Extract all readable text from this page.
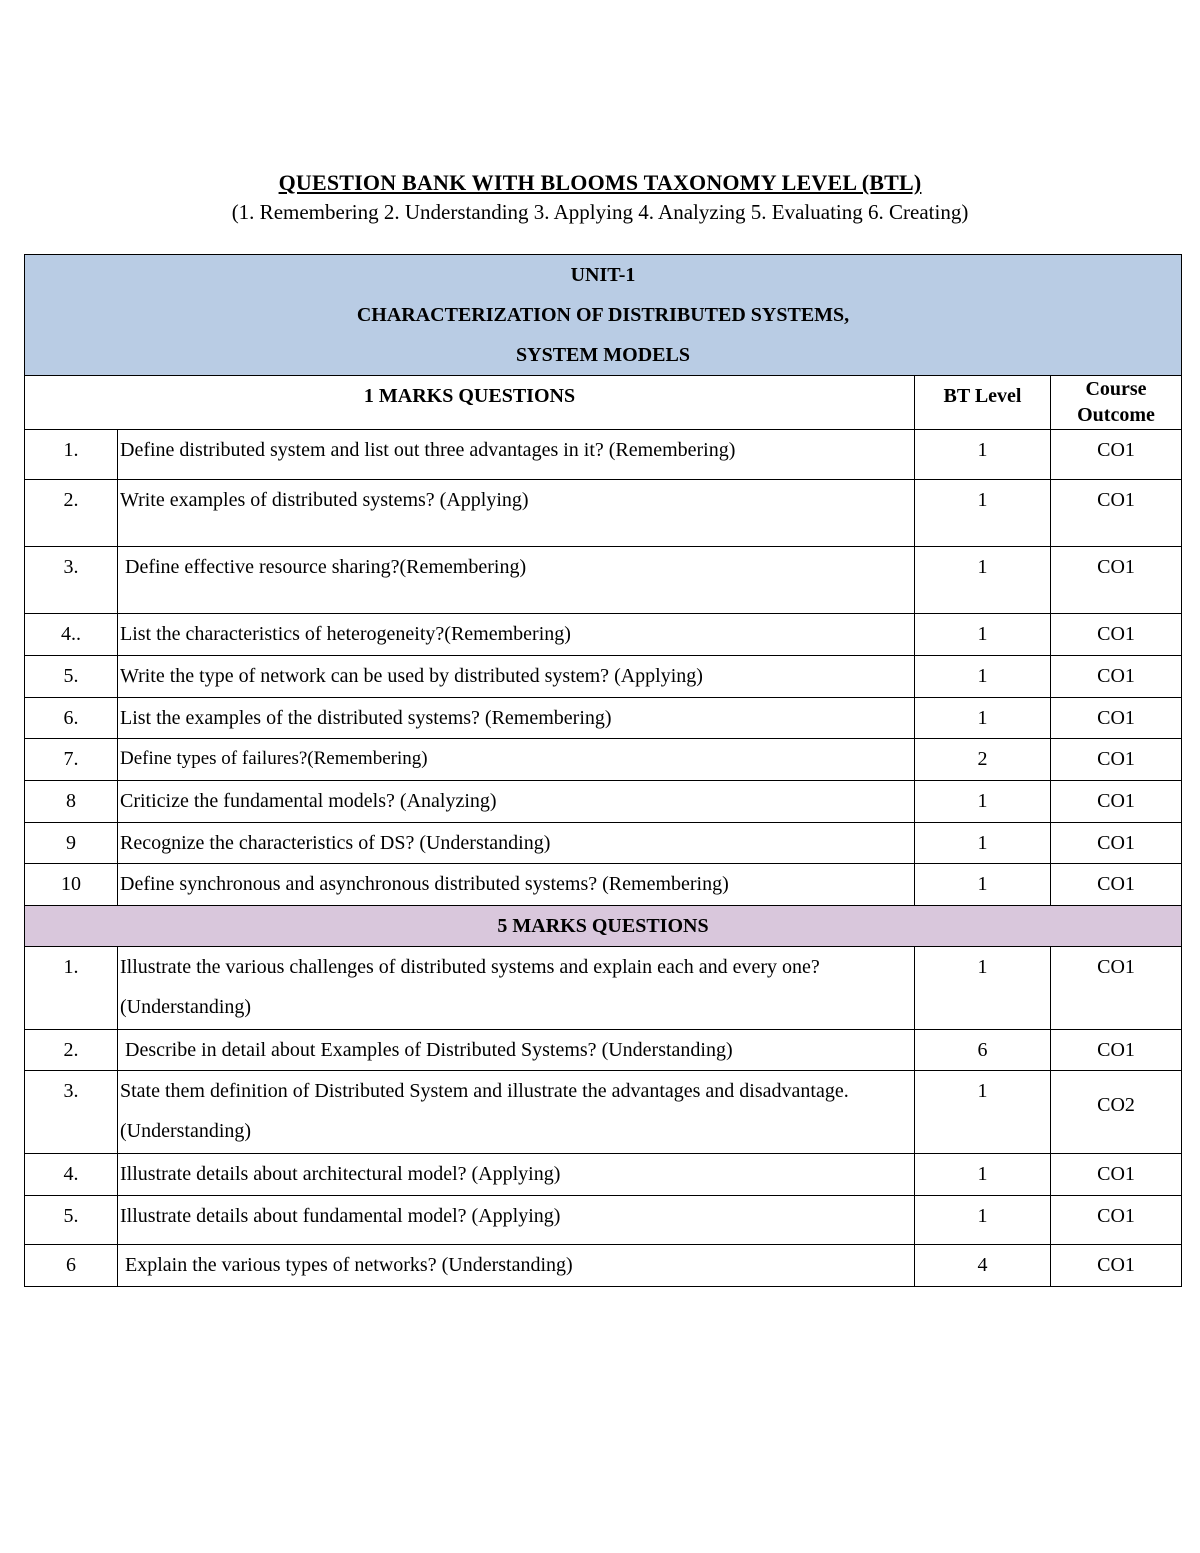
QUESTION BANK WITH BLOOMS TAXONOMY LEVEL (BTL)
(1. Remembering 2. Understanding 3. Applying 4. Analyzing 5. Evaluating 6. Creating)
UNIT-1
CHARACTERIZATION OF DISTRIBUTED SYSTEMS,
SYSTEM MODELS			

1 MARKS QUESTIONS		BT Level	Course
Outcome

1.	Define distributed system and list out three advantages in it? (Remembering)	1	CO1
2.	Write examples of distributed systems? (Applying)	1	CO1
3.	Define effective resource sharing?(Remembering)	1	CO1
4..	List the characteristics of heterogeneity?(Remembering)	1	CO1
5.	Write the type of network can be used by distributed system? (Applying)	1	CO1
6.	List the examples of the distributed systems? (Remembering)	1	CO1
7.	Define types of failures?(Remembering)	2	CO1
8	Criticize the fundamental models? (Analyzing)	1	CO1
9	Recognize the characteristics of DS? (Understanding)	1	CO1
10	Define synchronous and asynchronous distributed systems? (Remembering)	1	CO1
5 MARKS QUESTIONS			
1.	Illustrate the various challenges of distributed systems and explain each and every one? (Understanding)	1	CO1
2.	Describe in detail about Examples of Distributed Systems? (Understanding)	6	CO1
3.	State them definition of Distributed System and illustrate the advantages and disadvantage. (Understanding)	1	CO2
4.	Illustrate details about architectural model? (Applying)	1	CO1
5.	Illustrate details about fundamental model? (Applying)	1	CO1
6	Explain the various types of networks? (Understanding)	4	CO1
